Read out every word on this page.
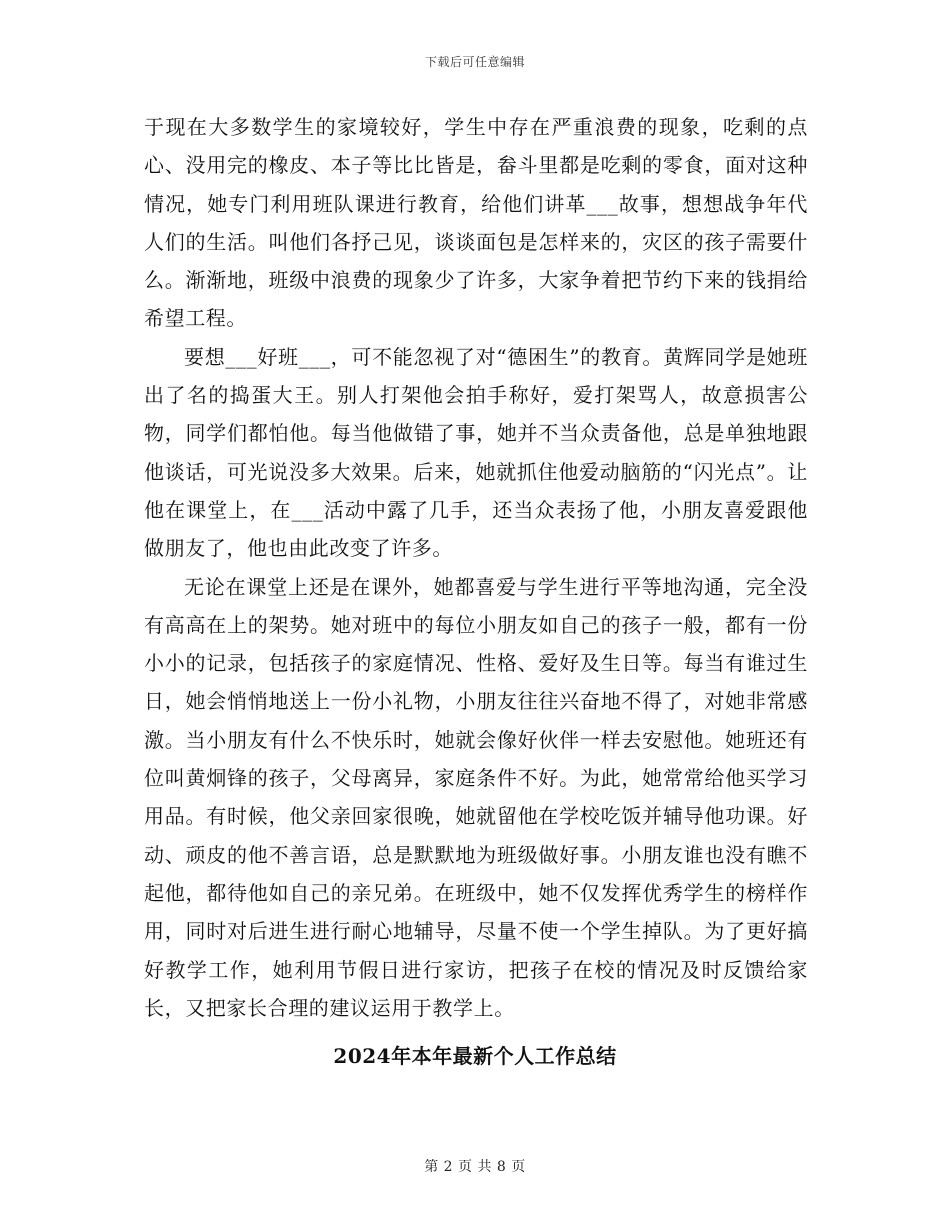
下载后可任意编辑

于现在大多数学生的家境较好，学生中存在严重浪费的现象，吃剩的点心、没用完的橡皮、本子等比比皆是，畚斗里都是吃剩的零食，面对这种情况，她专门利用班队课进行教育，给他们讲革___故事，想想战争年代人们的生活。叫他们各抒己见，谈谈面包是怎样来的，灾区的孩子需要什么。渐渐地，班级中浪费的现象少了许多，大家争着把节约下来的钱捐给希望工程。

要想___好班___，可不能忽视了对“德困生”的教育。黄辉同学是她班出了名的捣蛋大王。别人打架他会拍手称好，爱打架骂人，故意损害公物，同学们都怕他。每当他做错了事，她并不当众责备他，总是单独地跟他谈话，可光说没多大效果。后来，她就抓住他爱动脑筋的“闪光点”。让他在课堂上，在___活动中露了几手，还当众表扬了他，小朋友喜爱跟他做朋友了，他也由此改变了许多。

无论在课堂上还是在课外，她都喜爱与学生进行平等地沟通，完全没有高高在上的架势。她对班中的每位小朋友如自己的孩子一般，都有一份小小的记录，包括孩子的家庭情况、性格、爱好及生日等。每当有谁过生日，她会悄悄地送上一份小礼物，小朋友往往兴奋地不得了，对她非常感激。当小朋友有什么不快乐时，她就会像好伙伴一样去安慰他。她班还有位叫黄炯锋的孩子，父母离异，家庭条件不好。为此，她常常给他买学习用品。有时候，他父亲回家很晚，她就留他在学校吃饭并辅导他功课。好动、顽皮的他不善言语，总是默默地为班级做好事。小朋友谁也没有瞧不起他，都待他如自己的亲兄弟。在班级中，她不仅发挥优秀学生的榜样作用，同时对后进生进行耐心地辅导，尽量不使一个学生掉队。为了更好搞好教学工作，她利用节假日进行家访，把孩子在校的情况及时反馈给家长，又把家长合理的建议运用于教学上。

2024年本年最新个人工作总结
第 2 页 共 8 页
